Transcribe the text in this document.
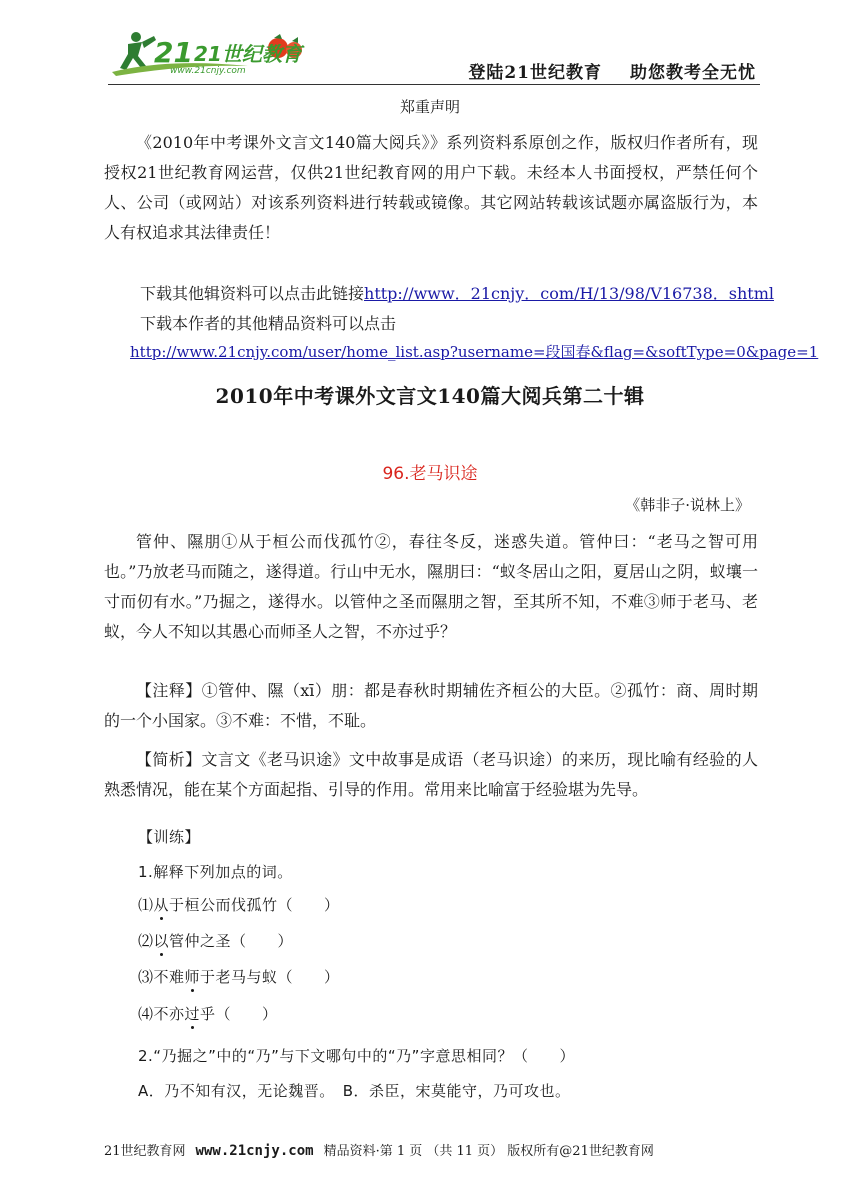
21 21世纪教育
www.21cnjy.com	登陆21世纪教育 助您教考全无忧
郑重声明

《2010年中考课外文言文140篇大阅兵》》系列资料系原创之作，版权归作者所有，现授权21世纪教育网运营，仅供21世纪教育网的用户下载。未经本人书面授权，严禁任何个人、公司（或网站）对该系列资料进行转载或镜像。其它网站转载该试题亦属盗版行为，本人有权追求其法律责任！

下载其他辑资料可以点击此链接http://www．21cnjy．com/H/13/98/V16738．shtml
下载本作者的其他精品资料可以点击
http://www.21cnjy.com/user/home_list.asp?username=段国春&flag=&softType=0&page=1
2010年中考课外文言文140篇大阅兵第二十辑
96.老马识途
《韩非子·说林上》

管仲、隰朋①从于桓公而伐孤竹②，春往冬反，迷惑失道。管仲曰：“老马之智可用也。”乃放老马而随之，遂得道。行山中无水，隰朋曰：“蚁冬居山之阳，夏居山之阴，蚁壤一寸而仞有水。”乃掘之，遂得水。以管仲之圣而隰朋之智，至其所不知，不难③师于老马、老蚁，今人不知以其愚心而师圣人之智，不亦过乎？

【注释】①管仲、隰（xī）朋：都是春秋时期辅佐齐桓公的大臣。②孤竹：商、周时期的一个小国家。③不难：不惜，不耻。

【简析】文言文《老马识途》文中故事是成语（老马识途）的来历，现比喻有经验的人熟悉情况，能在某个方面起指、引导的作用。常用来比喻富于经验堪为先导。

【训练】
1.解释下列加点的词。
⑴从于桓公而伐孤竹（　　）
⑵以管仲之圣（　　）
⑶不难师于老马与蚁（　　）
⑷不亦过乎（　　）
2.“乃掘之”中的“乃”与下文哪句中的“乃”字意思相同？（　　）
A．乃不知有汉，无论魏晋。　B．杀臣，宋莫能守，乃可攻也。
21世纪教育网 www.21cnjy.com 精品资料·第 1 页 （共 11 页） 版权所有@21世纪教育网
